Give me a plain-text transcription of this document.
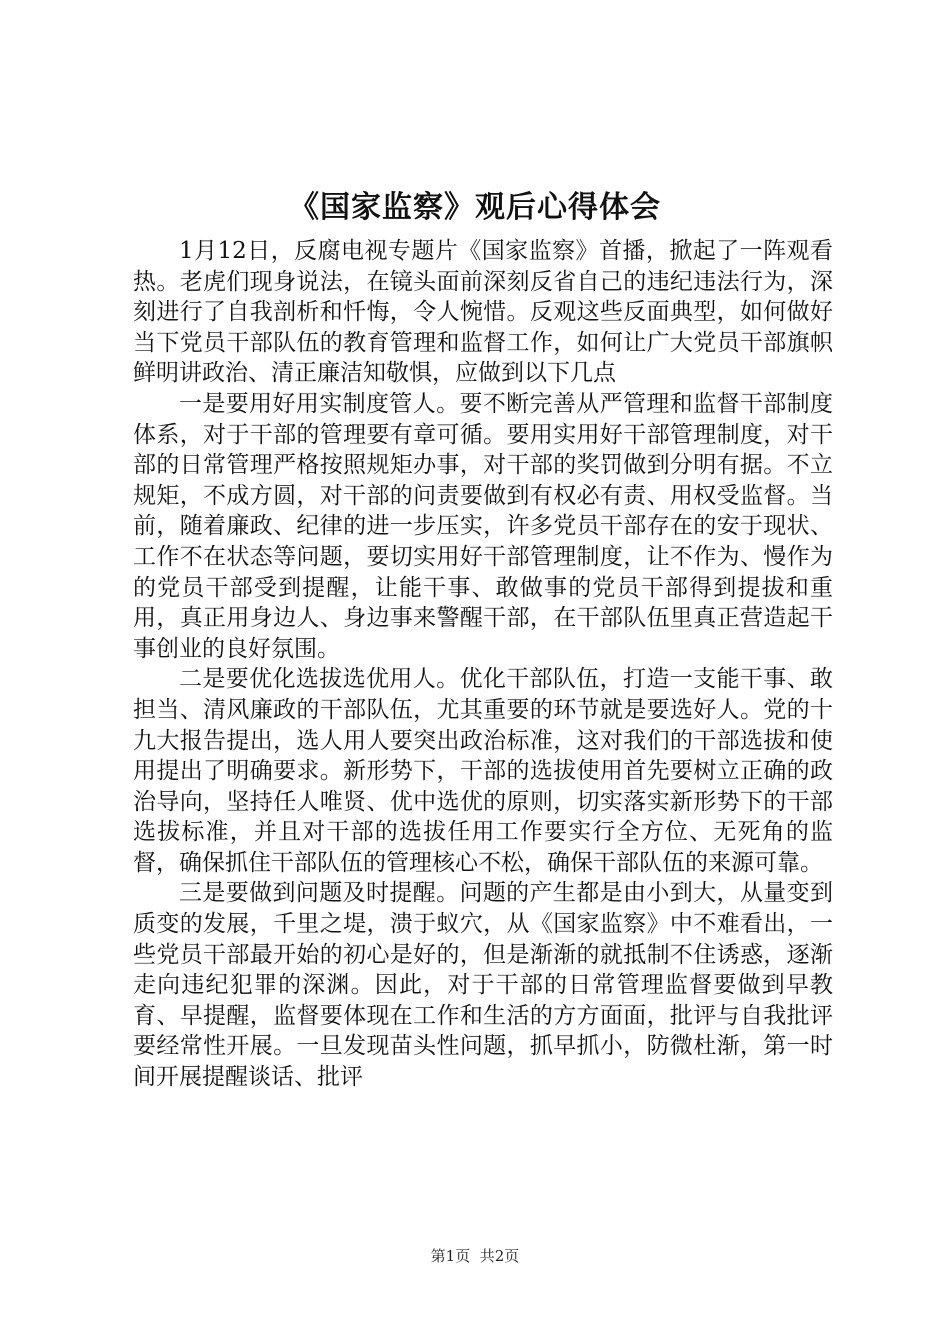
《国家监察》观后心得体会

1月12日，反腐电视专题片《国家监察》首播，掀起了一阵观看热。老虎们现身说法，在镜头面前深刻反省自己的违纪违法行为，深刻进行了自我剖析和忏悔，令人惋惜。反观这些反面典型，如何做好当下党员干部队伍的教育管理和监督工作，如何让广大党员干部旗帜鲜明讲政治、清正廉洁知敬惧，应做到以下几点

一是要用好用实制度管人。要不断完善从严管理和监督干部制度体系，对于干部的管理要有章可循。要用实用好干部管理制度，对干部的日常管理严格按照规矩办事，对干部的奖罚做到分明有据。不立规矩，不成方圆，对干部的问责要做到有权必有责、用权受监督。当前，随着廉政、纪律的进一步压实，许多党员干部存在的安于现状、工作不在状态等问题，要切实用好干部管理制度，让不作为、慢作为的党员干部受到提醒，让能干事、敢做事的党员干部得到提拔和重用，真正用身边人、身边事来警醒干部，在干部队伍里真正营造起干事创业的良好氛围。

二是要优化选拔选优用人。优化干部队伍，打造一支能干事、敢担当、清风廉政的干部队伍，尤其重要的环节就是要选好人。党的十九大报告提出，选人用人要突出政治标准，这对我们的干部选拔和使用提出了明确要求。新形势下，干部的选拔使用首先要树立正确的政治导向，坚持任人唯贤、优中选优的原则，切实落实新形势下的干部选拔标准，并且对干部的选拔任用工作要实行全方位、无死角的监督，确保抓住干部队伍的管理核心不松，确保干部队伍的来源可靠。

三是要做到问题及时提醒。问题的产生都是由小到大，从量变到质变的发展，千里之堤，溃于蚁穴，从《国家监察》中不难看出，一些党员干部最开始的初心是好的，但是渐渐的就抵制不住诱惑，逐渐走向违纪犯罪的深渊。因此，对于干部的日常管理监督要做到早教育、早提醒，监督要体现在工作和生活的方方面面，批评与自我批评要经常性开展。一旦发现苗头性问题，抓早抓小，防微杜渐，第一时间开展提醒谈话、批评

第1页 共2页
